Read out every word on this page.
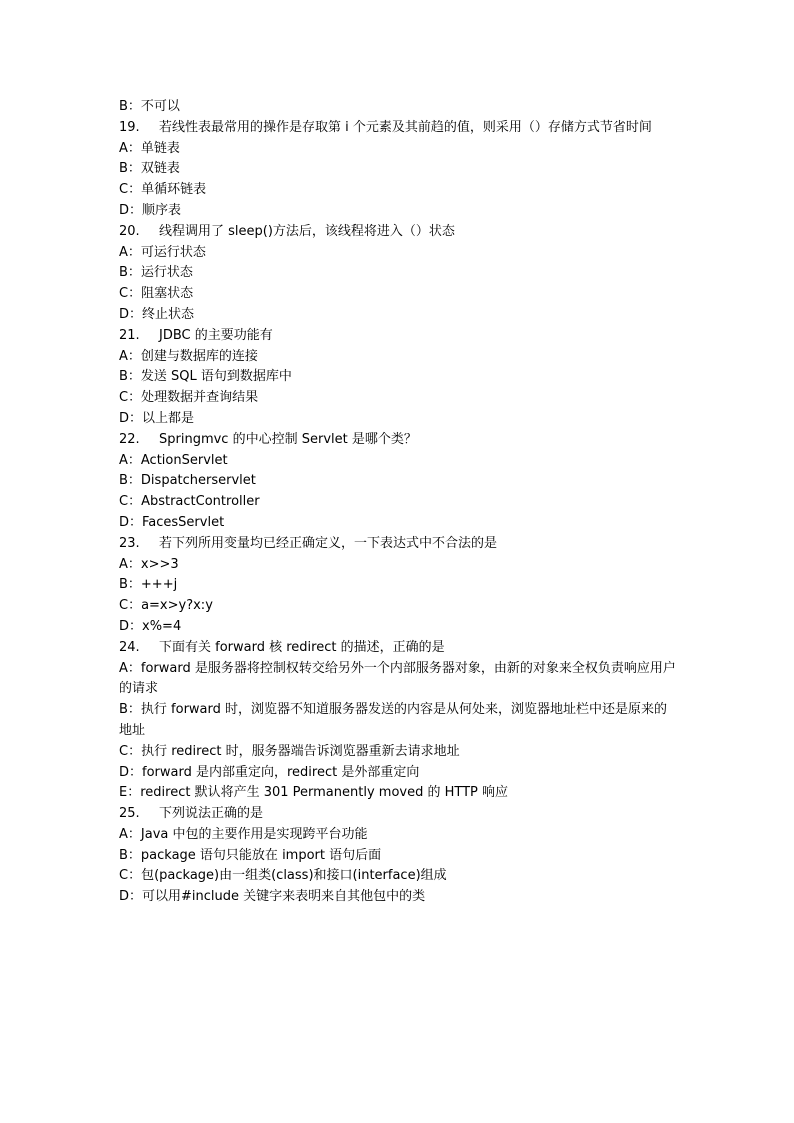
B：不可以
19. 若线性表最常用的操作是存取第 i 个元素及其前趋的值，则采用（）存储方式节省时间
A：单链表
B：双链表
C：单循环链表
D：顺序表
20. 线程调用了 sleep()方法后，该线程将进入（）状态
A：可运行状态
B：运行状态
C：阻塞状态
D：终止状态
21. JDBC 的主要功能有
A：创建与数据库的连接
B：发送 SQL 语句到数据库中
C：处理数据并查询结果
D：以上都是
22. Springmvc 的中心控制 Servlet 是哪个类？
A：ActionServlet
B：Dispatcherservlet
C：AbstractController
D：FacesServlet
23. 若下列所用变量均已经正确定义，一下表达式中不合法的是
A：x>>3
B：+++j
C：a=x>y?x:y
D：x%=4
24. 下面有关 forward 核 redirect 的描述，正确的是
A：forward 是服务器将控制权转交给另外一个内部服务器对象，由新的对象来全权负责响应用户的请求
B：执行 forward 时，浏览器不知道服务器发送的内容是从何处来，浏览器地址栏中还是原来的地址
C：执行 redirect 时，服务器端告诉浏览器重新去请求地址
D：forward 是内部重定向，redirect 是外部重定向
E：redirect 默认将产生 301 Permanently moved 的 HTTP 响应
25. 下列说法正确的是
A：Java 中包的主要作用是实现跨平台功能
B：package 语句只能放在 import 语句后面
C：包(package)由一组类(class)和接口(interface)组成
D：可以用#include 关键字来表明来自其他包中的类
